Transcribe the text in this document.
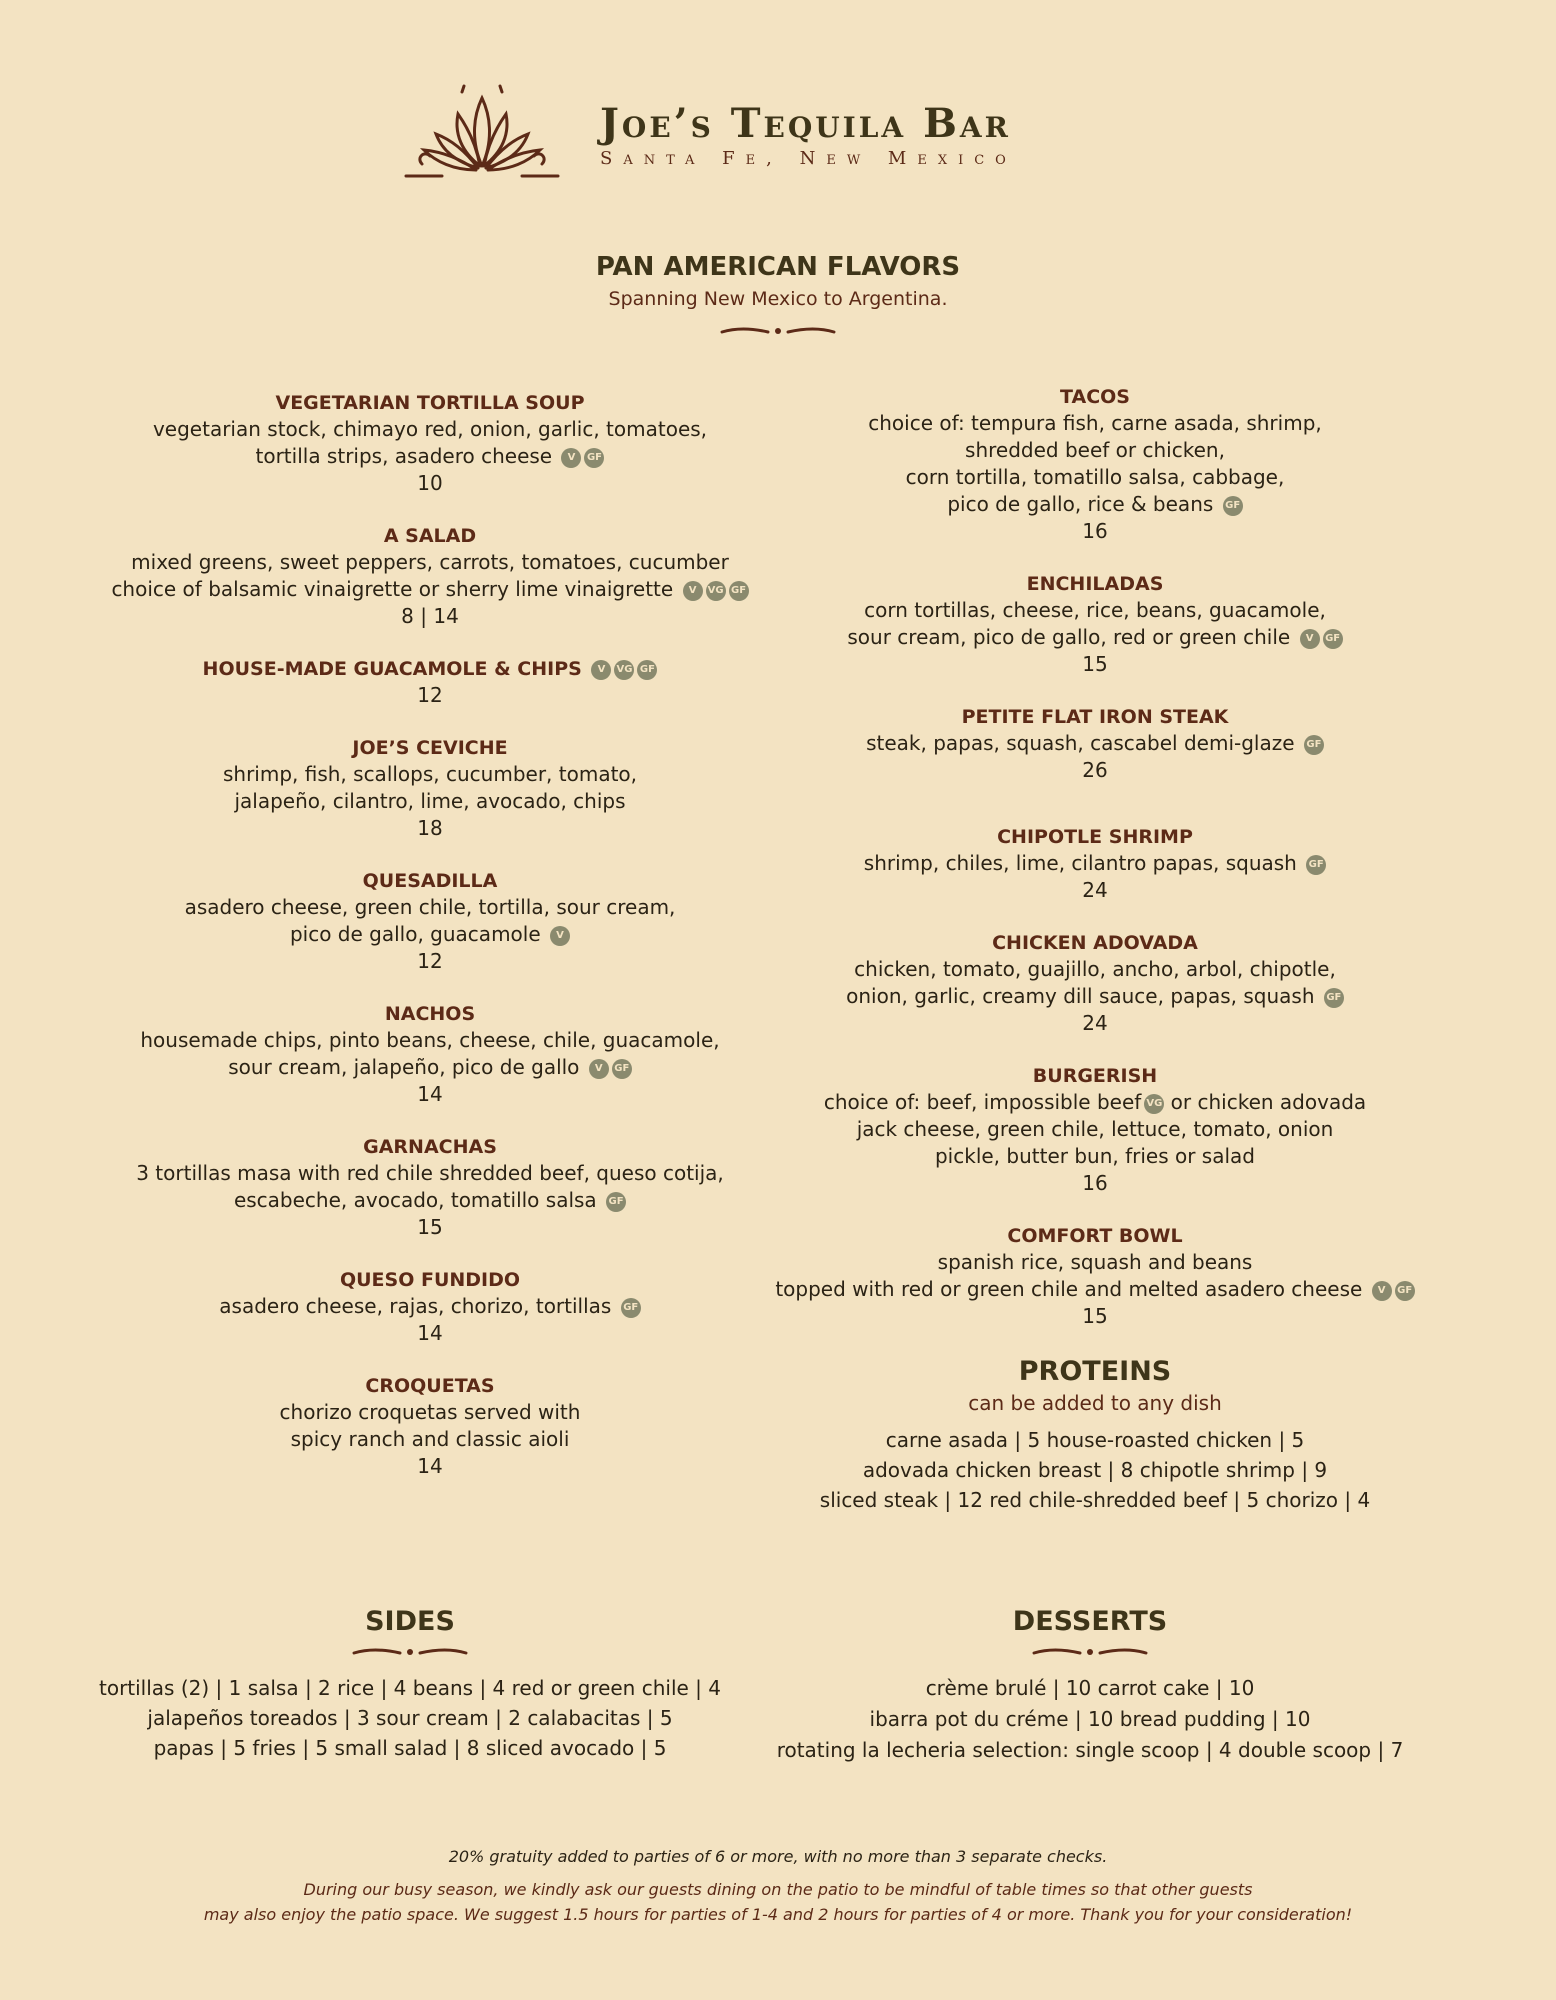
Joe’s Tequila Bar
Santa Fe, New Mexico
PAN AMERICAN FLAVORS
Spanning New Mexico to Argentina.
VEGETARIAN TORTILLA SOUP
vegetarian stock, chimayo red, onion, garlic, tomatoes,
tortilla strips, asadero cheese V GF
10
A SALAD
mixed greens, sweet peppers, carrots, tomatoes, cucumber
choice of balsamic vinaigrette or sherry lime vinaigrette V VG GF
8 | 14
HOUSE-MADE GUACAMOLE & CHIPS V VG GF
12
JOE’S CEVICHE
shrimp, fish, scallops, cucumber, tomato,
jalapeño, cilantro, lime, avocado, chips
18
QUESADILLA
asadero cheese, green chile, tortilla, sour cream,
pico de gallo, guacamole V
12
NACHOS
housemade chips, pinto beans, cheese, chile, guacamole,
sour cream, jalapeño, pico de gallo V GF
14
GARNACHAS
3 tortillas masa with red chile shredded beef, queso cotija,
escabeche, avocado, tomatillo salsa GF
15
QUESO FUNDIDO
asadero cheese, rajas, chorizo, tortillas GF
14
CROQUETAS
chorizo croquetas served with
spicy ranch and classic aioli
14
TACOS
choice of: tempura fish, carne asada, shrimp,
shredded beef or chicken,
corn tortilla, tomatillo salsa, cabbage,
pico de gallo, rice & beans GF
16
ENCHILADAS
corn tortillas, cheese, rice, beans, guacamole,
sour cream, pico de gallo, red or green chile V GF
15
PETITE FLAT IRON STEAK
steak, papas, squash, cascabel demi-glaze GF
26
CHIPOTLE SHRIMP
shrimp, chiles, lime, cilantro papas, squash GF
24
CHICKEN ADOVADA
chicken, tomato, guajillo, ancho, arbol, chipotle,
onion, garlic, creamy dill sauce, papas, squash GF
24
BURGERISH
choice of: beef, impossible beef VG or chicken adovada
jack cheese, green chile, lettuce, tomato, onion
pickle, butter bun, fries or salad
16
COMFORT BOWL
spanish rice, squash and beans
topped with red or green chile and melted asadero cheese V GF
15
PROTEINS
can be added to any dish
carne asada | 5 house-roasted chicken | 5
adovada chicken breast | 8 chipotle shrimp | 9
sliced steak | 12 red chile-shredded beef | 5 chorizo | 4
SIDES
tortillas (2) | 1 salsa | 2 rice | 4 beans | 4 red or green chile | 4
jalapeños toreados | 3 sour cream | 2 calabacitas | 5
papas | 5 fries | 5 small salad | 8 sliced avocado | 5
DESSERTS
crème brulé | 10 carrot cake | 10
ibarra pot du créme | 10 bread pudding | 10
rotating la lecheria selection: single scoop | 4 double scoop | 7
20% gratuity added to parties of 6 or more, with no more than 3 separate checks.
During our busy season, we kindly ask our guests dining on the patio to be mindful of table times so that other guests
may also enjoy the patio space. We suggest 1.5 hours for parties of 1-4 and 2 hours for parties of 4 or more. Thank you for your consideration!
